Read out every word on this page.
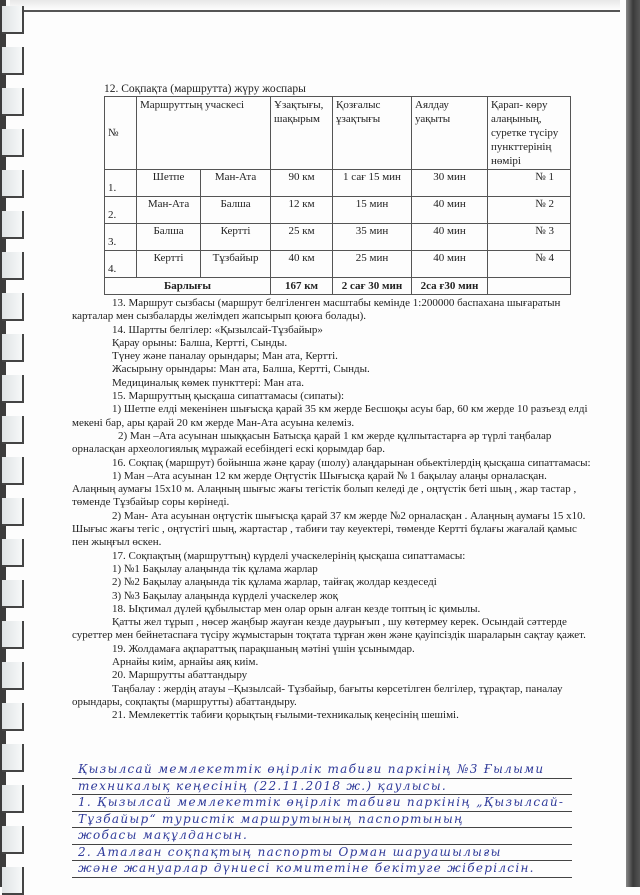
12. Соқпақта (маршрутта) жүру жоспары
№	Маршруттың учаскесі		Ұзақтығы, шақырым	Қозғалыс ұзақтығы	Аялдау уақыты	Қарап- көру алаңының, суретке түсіру пункттерінің нөмірі
1.	Шетпе	Ман-Ата	90 км	1 сағ 15 мин	30 мин	№ 1
2.	Ман-Ата	Балша	12 км	15 мин	40 мин	№ 2
3.	Балша	Кертті	25 км	35 мин	40 мин	№ 3
4.	Кертті	Тұзбайыр	40 км	25 мин	40 мин	№ 4
Барлығы			167 км	2 сағ 30 мин	2са ғ30 мин	

13. Маршрут сызбасы (маршрут белгіленген масштабы кемінде 1:200000 баспахана шығаратын карталар мен сызбаларды желімдеп жапсырып қоюға болады).

14. Шартты белгілер: «Қызылсай-Тұзбайыр»

Қарау орыны: Балша, Кертті, Сынды.

Түнеу және паналау орындары; Ман ата, Кертті.

Жасырыну орындары: Ман ата, Балша, Кертті, Сынды.

Медициналық көмек пункттері: Ман ата.

15. Маршруттың қысқаша сипаттамасы (сипаты):

1) Шетпе елді мекенінен шығысқа қарай 35 км жерде Бесшоқы асуы бар, 60 км жерде 10 разъезд елді мекені бар, ары қарай 20 км жерде Ман-Ата асуына келеміз.

2) Ман –Ата асуынан шыққасын Батысқа қарай 1 км жерде құлпытастарға әр түрлі таңбалар орналасқан археологиялық мұражай есебіндегі ескі қорымдар бар.

16. Соқпақ (маршрут) бойынша және қарау (шолу) алаңдарынан обьектілердің қысқаша сипаттамасы:

1) Ман –Ата асуынан 12 км жерде Оңтүстік Шығысқа қарай № 1 бақылау алаңы орналасқан. Алаңның аумағы 15х10 м. Алаңның шығыс жағы тегістік болып келеді де , оңтүстік беті шың , жар тастар , төменде Тұзбайыр соры көрінеді.

2) Ман- Ата асуынан оңтүстік шығысқа қарай 37 км жерде №2 орналасқан . Алаңның аумағы 15 х10. Шығыс жағы тегіс , оңтүстігі шың, жартастар , табиғи тау кеуектері, төменде Кертті бұлағы жағалай қамыс пен жыңғыл өскен.

17. Соқпақтың (маршруттың) күрделі учаскелерінің қысқаша сипаттамасы:

1) №1 Бақылау алаңында тік құлама жарлар

2) №2 Бақылау алаңында тік құлама жарлар, тайғақ жолдар кездеседі

3) №3 Бақылау алаңында күрделі учаскелер жоқ

18. Ықтимал дүлей құбылыстар мен олар орын алған кезде топтың іс қимылы.

Қатты жел тұрып , нөсер жаңбыр жауған кезде даурығып , шу көтермеу керек. Осындай сәттерде суреттер мен бейнетаспаға түсіру жұмыстарын тоқтата тұрған жөн және қауіпсіздік шараларын сақтау қажет.

19. Жолдамаға ақпараттық парақшаның мәтіні үшін ұсынымдар.

Арнайы киім, арнайы аяқ киім.

20. Маршрутты абаттандыру

Таңбалау : жердің атауы –Қызылсай- Тұзбайыр, бағыты көрсетілген белгілер, тұрақтар, паналау орындары, соқпақты (маршрутты) абаттандыру.

21. Мемлекеттік табиғи қорықтың ғылыми-техникалық кеңесінің шешімі.

Қызылсай мемлекеттік өңірлік табиғи паркінің №3 Ғылыми
техникалық кеңесінің (22.11.2018 ж.) қаулысы.
1. Қызылсай мемлекеттік өңірлік табиғи паркінің „Қызылсай-
Тұзбайыр“ туристік маршрутының паспортының
жобасы мақұлдансын.
2. Аталған соқпақтың паспорты Орман шаруашылығы
және жануарлар дүниесі комитетіне бекітуге жіберілсін.
